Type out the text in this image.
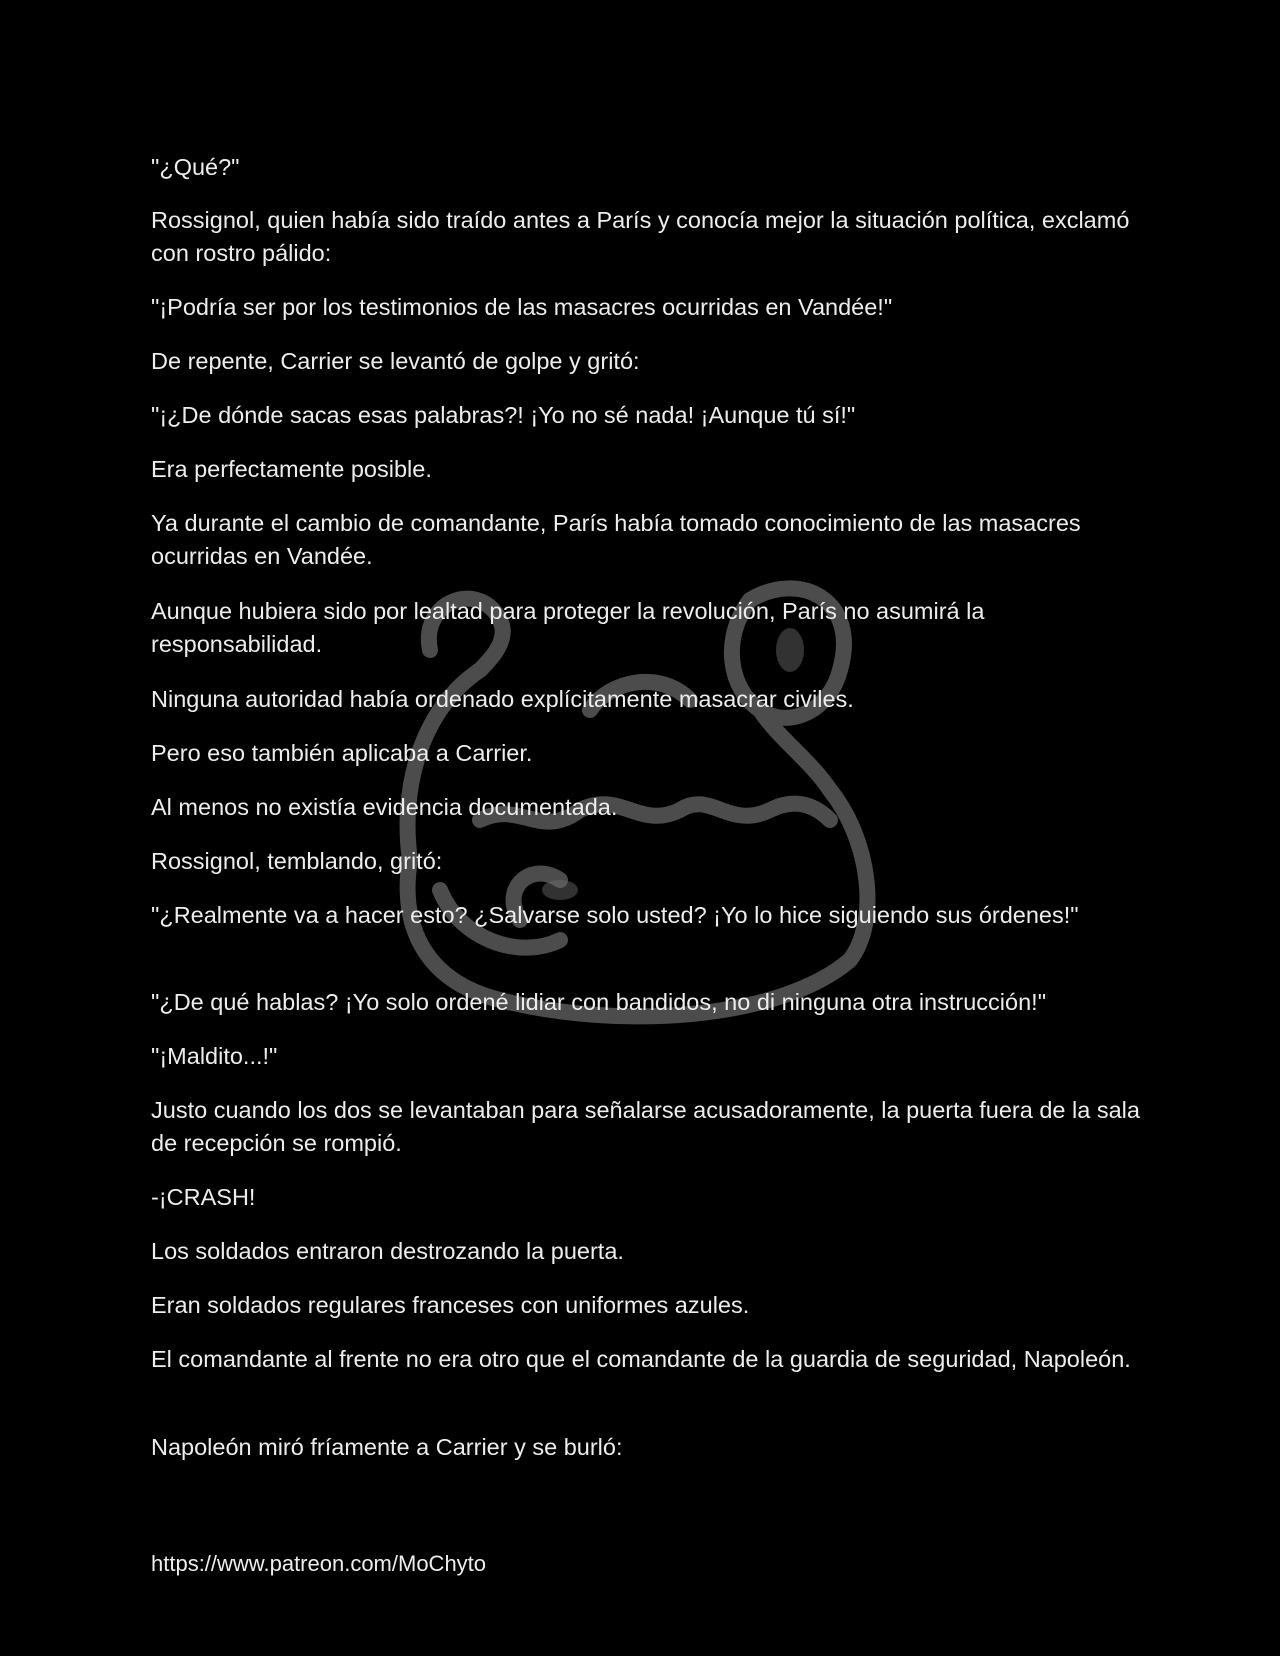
"¿Qué?"

Rossignol, quien había sido traído antes a París y conocía mejor la situación política, exclamó con rostro pálido:

"¡Podría ser por los testimonios de las masacres ocurridas en Vandée!"

De repente, Carrier se levantó de golpe y gritó:

"¡¿De dónde sacas esas palabras?! ¡Yo no sé nada! ¡Aunque tú sí!"

Era perfectamente posible.

Ya durante el cambio de comandante, París había tomado conocimiento de las masacres ocurridas en Vandée.

Aunque hubiera sido por lealtad para proteger la revolución, París no asumirá la responsabilidad.

Ninguna autoridad había ordenado explícitamente masacrar civiles.

Pero eso también aplicaba a Carrier.

Al menos no existía evidencia documentada.

Rossignol, temblando, gritó:

"¿Realmente va a hacer esto? ¿Salvarse solo usted? ¡Yo lo hice siguiendo sus órdenes!"

"¿De qué hablas? ¡Yo solo ordené lidiar con bandidos, no di ninguna otra instrucción!"

"¡Maldito...!"

Justo cuando los dos se levantaban para señalarse acusadoramente, la puerta fuera de la sala de recepción se rompió.

-¡CRASH!

Los soldados entraron destrozando la puerta.

Eran soldados regulares franceses con uniformes azules.

El comandante al frente no era otro que el comandante de la guardia de seguridad, Napoleón.

Napoleón miró fríamente a Carrier y se burló:

https://www.patreon.com/MoChyto
